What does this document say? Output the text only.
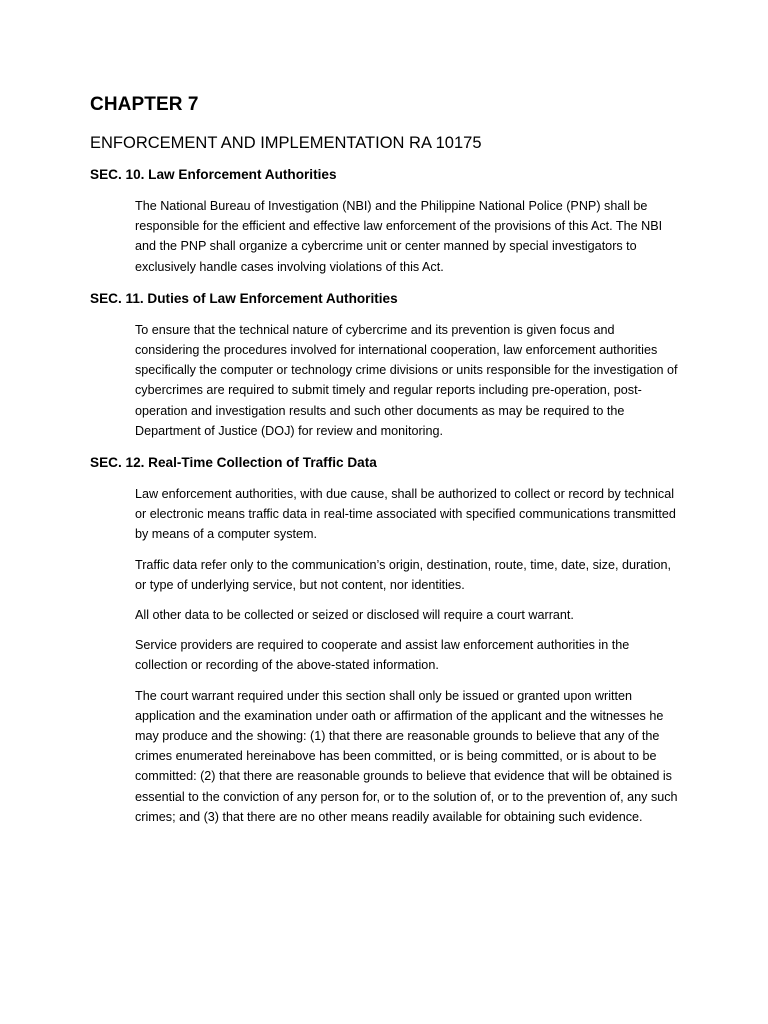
CHAPTER 7
ENFORCEMENT AND IMPLEMENTATION RA 10175
SEC. 10. Law Enforcement Authorities

The National Bureau of Investigation (NBI) and the Philippine National Police (PNP) shall be responsible for the efficient and effective law enforcement of the provisions of this Act. The NBI and the PNP shall organize a cybercrime unit or center manned by special investigators to exclusively handle cases involving violations of this Act.

SEC. 11. Duties of Law Enforcement Authorities

To ensure that the technical nature of cybercrime and its prevention is given focus and considering the procedures involved for international cooperation, law enforcement authorities specifically the computer or technology crime divisions or units responsible for the investigation of cybercrimes are required to submit timely and regular reports including pre-operation, post-operation and investigation results and such other documents as may be required to the Department of Justice (DOJ) for review and monitoring.

SEC. 12. Real-Time Collection of Traffic Data

Law enforcement authorities, with due cause, shall be authorized to collect or record by technical or electronic means traffic data in real-time associated with specified communications transmitted by means of a computer system.

Traffic data refer only to the communication’s origin, destination, route, time, date, size, duration, or type of underlying service, but not content, nor identities.

All other data to be collected or seized or disclosed will require a court warrant.

Service providers are required to cooperate and assist law enforcement authorities in the collection or recording of the above-stated information.

The court warrant required under this section shall only be issued or granted upon written application and the examination under oath or affirmation of the applicant and the witnesses he may produce and the showing: (1) that there are reasonable grounds to believe that any of the crimes enumerated hereinabove has been committed, or is being committed, or is about to be committed: (2) that there are reasonable grounds to believe that evidence that will be obtained is essential to the conviction of any person for, or to the solution of, or to the prevention of, any such crimes; and (3) that there are no other means readily available for obtaining such evidence.
